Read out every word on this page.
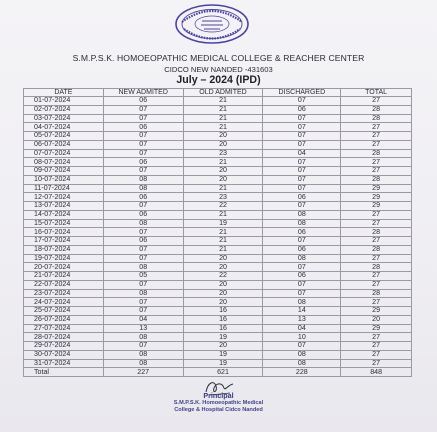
S.M.P.S.K. HOMOEOPATHIC MEDICAL COLLEGE & REACHER CENTER
CIDCO NEW NANDED -431603
July – 2024 (IPD)
DATE	NEW ADMITED	OLD ADMITED	DISCHARGED	TOTAL
01-07-2024	06	21	07	27
02-07-2024	07	21	06	28
03-07-2024	07	21	07	28
04-07-2024	06	21	07	27
05-07-2024	07	20	07	27
06-07-2024	07	20	07	27
07-07-2024	07	23	04	28
08-07-2024	06	21	07	27
09-07-2024	07	20	07	27
10-07-2024	08	20	07	28
11-07-2024	08	21	07	29
12-07-2024	06	23	06	29
13-07-2024	07	22	07	29
14-07-2024	06	21	08	27
15-07-2024	08	19	08	27
16-07-2024	07	21	06	28
17-07-2024	06	21	07	27
18-07-2024	07	21	06	28
19-07-2024	07	20	08	27
20-07-2024	08	20	07	28
21-07-2024	05	22	06	27
22-07-2024	07	20	07	27
23-07-2024	08	20	07	28
24-07-2024	07	20	08	27
25-07-2024	07	16	14	29
26-07-2024	04	16	13	20
27-07-2024	13	16	04	29
28-07-2024	08	19	10	27
29-07-2024	07	20	07	27
30-07-2024	08	19	08	27
31-07-2024	08	19	08	27
Total	227	621	228	848
Principal
S.M.P.S.K. Homoeopathic Medical
College & Hospital Cidco Nanded
